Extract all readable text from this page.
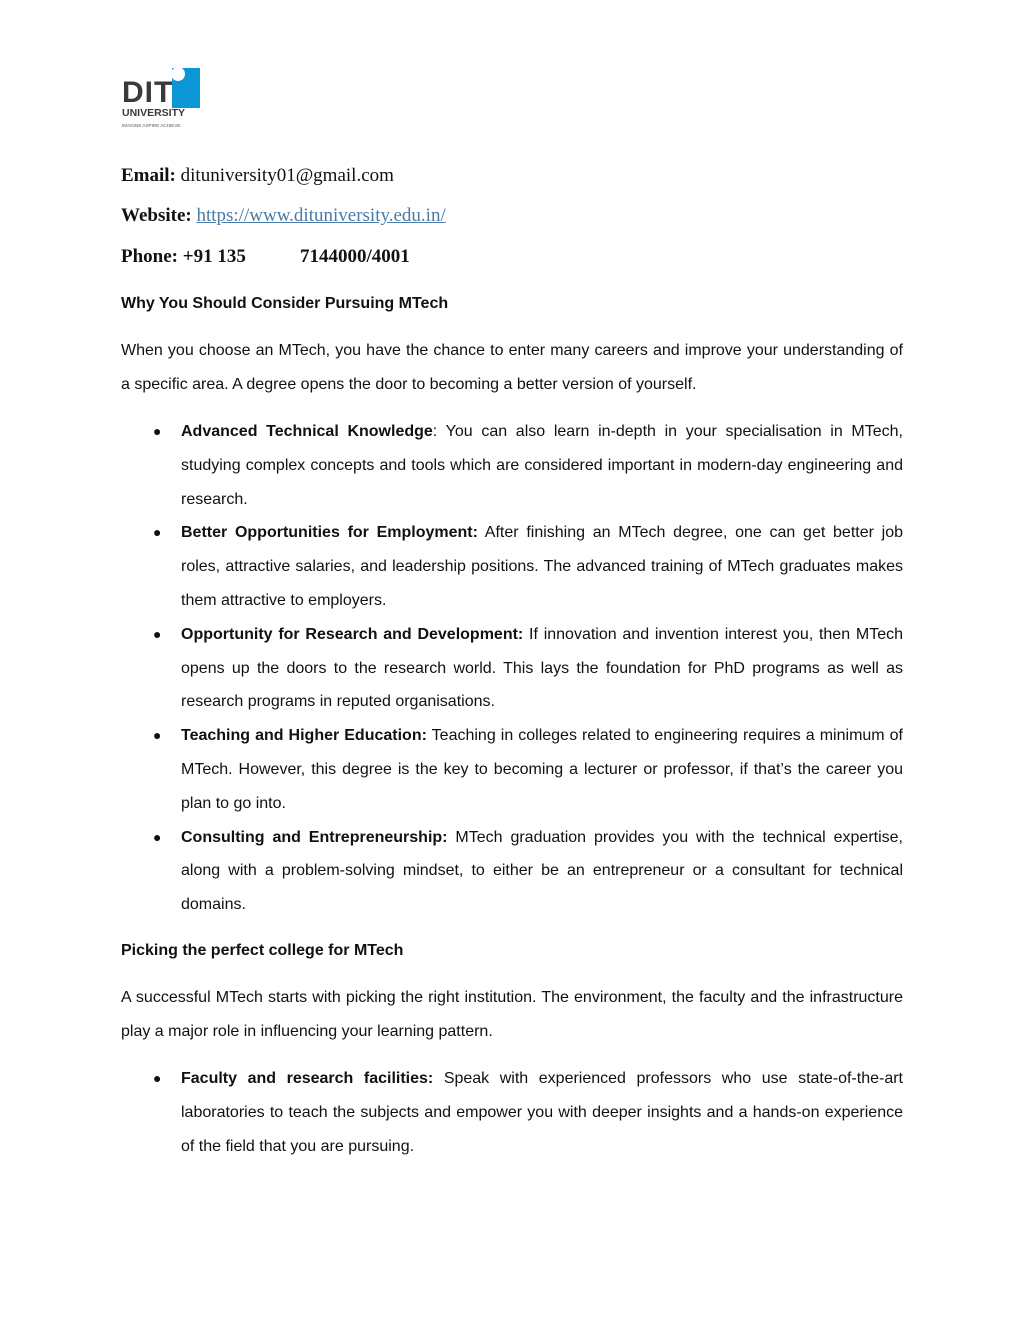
DIT
UNIVERSITY
IMAGINE ASPIRE ACHIEVE
Email: dituniversity01@gmail.com
Website: https://www.dituniversity.edu.in/
Phone: +91 135	7144000/4001
Why You Should Consider Pursuing MTech
When you choose an MTech, you have the chance to enter many careers and improve your understanding of a specific area. A degree opens the door to becoming a better version of yourself.
● Advanced Technical Knowledge: You can also learn in-depth in your specialisation in MTech, studying complex concepts and tools which are considered important in modern-day engineering and research.
● Better Opportunities for Employment: After finishing an MTech degree, one can get better job roles, attractive salaries, and leadership positions. The advanced training of MTech graduates makes them attractive to employers.
● Opportunity for Research and Development: If innovation and invention interest you, then MTech opens up the doors to the research world. This lays the foundation for PhD programs as well as research programs in reputed organisations.
● Teaching and Higher Education: Teaching in colleges related to engineering requires a minimum of MTech. However, this degree is the key to becoming a lecturer or professor, if that’s the career you plan to go into.
● Consulting and Entrepreneurship: MTech graduation provides you with the technical expertise, along with a problem-solving mindset, to either be an entrepreneur or a consultant for technical domains.
Picking the perfect college for MTech
A successful MTech starts with picking the right institution. The environment, the faculty and the infrastructure play a major role in influencing your learning pattern.
● Faculty and research facilities: Speak with experienced professors who use state-of-the-art laboratories to teach the subjects and empower you with deeper insights and a hands-on experience of the field that you are pursuing.
